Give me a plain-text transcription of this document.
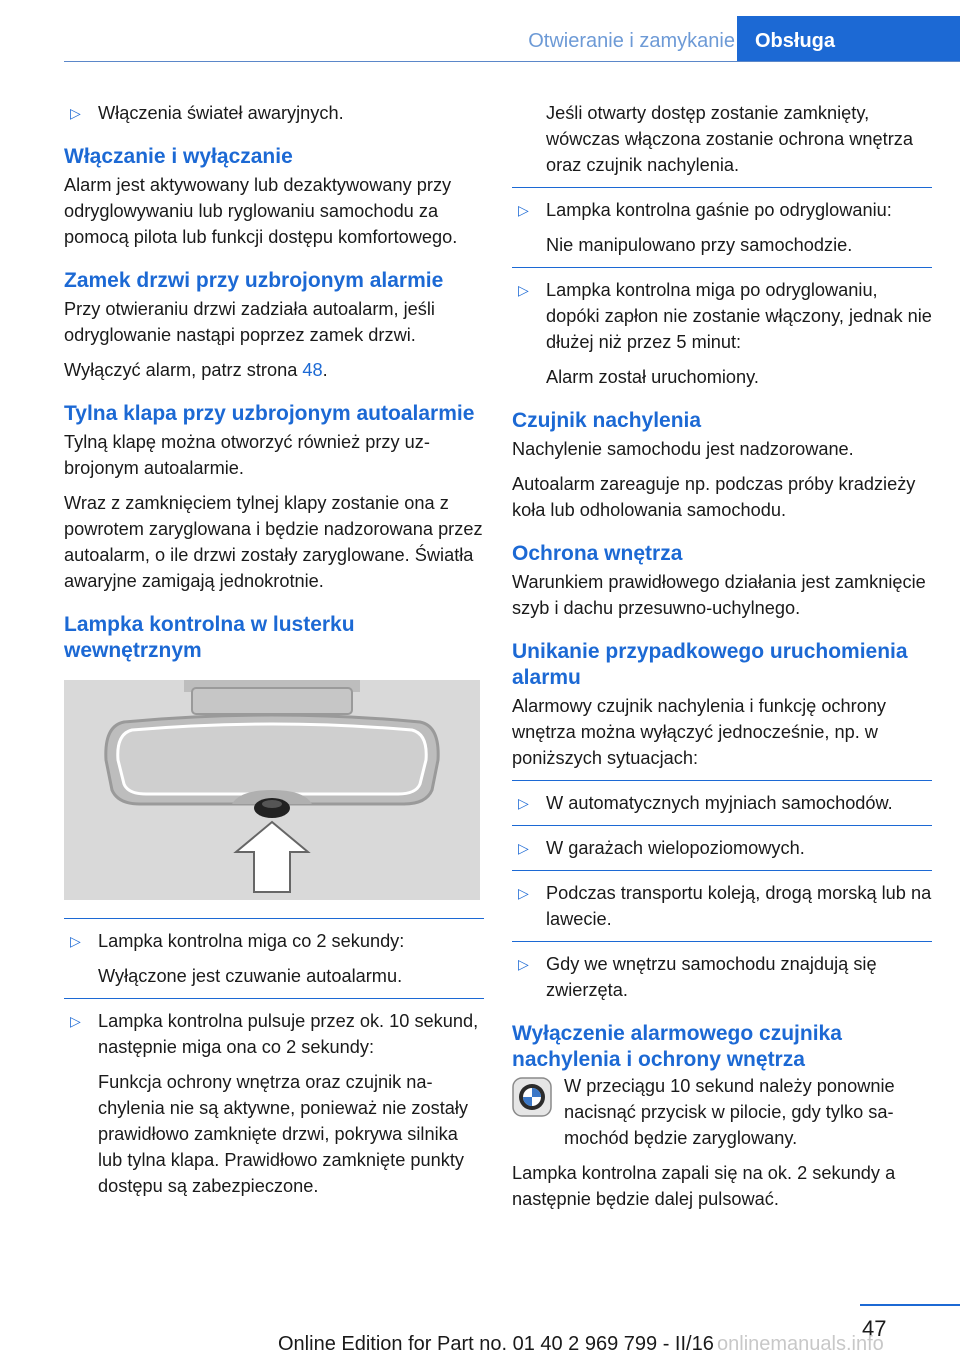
Otwieranie i zamykanie	Obsługa
▷ Włączenia świateł awaryjnych.
Włączanie i wyłączanie

Alarm jest aktywowany lub dezaktywowany przy odryglowywaniu lub ryglowaniu samochodu za pomocą pilota lub funkcji dostępu komfortowego.

Zamek drzwi przy uzbrojonym alarmie

Przy otwieraniu drzwi zadziała autoalarm, jeśli odryglowanie nastąpi poprzez zamek drzwi.

Wyłączyć alarm, patrz strona 48.

Tylna klapa przy uzbrojonym autoalarmie

Tylną klapę można otworzyć również przy uzbrojonym autoalarmie.

Wraz z zamknięciem tylnej klapy zostanie ona z powrotem zaryglowana i będzie nadzorowana przez autoalarm, o ile drzwi zostały zaryglowane. Światła awaryjne zamigają jednokrotnie.

Lampka kontrolna w lusterku wewnętrznym
▷ Lampka kontrolna miga co 2 sekundy:
Wyłączone jest czuwanie autoalarmu.
▷ Lampka kontrolna pulsuje przez ok. 10 sekund, następnie miga ona co 2 sekundy:
Funkcja ochrony wnętrza oraz czujnik nachylenia nie są aktywne, ponieważ nie zostały prawidłowo zamknięte drzwi, pokrywa silnika lub tylna klapa. Prawidłowo zamknięte punkty dostępu są zabezpieczone.
Jeśli otwarty dostęp zostanie zamknięty, wówczas włączona zostanie ochrona wnętrza oraz czujnik nachylenia.
▷ Lampka kontrolna gaśnie po odryglowaniu:
Nie manipulowano przy samochodzie.
▷ Lampka kontrolna miga po odryglowaniu, dopóki zapłon nie zostanie włączony, jednak nie dłużej niż przez 5 minut:
Alarm został uruchomiony.
Czujnik nachylenia

Nachylenie samochodu jest nadzorowane.

Autoalarm zareaguje np. podczas próby kradzieży koła lub odholowania samochodu.

Ochrona wnętrza

Warunkiem prawidłowego działania jest zamknięcie szyb i dachu przesuwno-uchylnego.

Unikanie przypadkowego uruchomienia alarmu

Alarmowy czujnik nachylenia i funkcję ochrony wnętrza można wyłączyć jednocześnie, np. w poniższych sytuacjach:

▷ W automatycznych myjniach samochodów.
▷ W garażach wielopoziomowych.
▷ Podczas transportu koleją, drogą morską lub na lawecie.
▷ Gdy we wnętrzu samochodu znajdują się zwierzęta.
Wyłączenie alarmowego czujnika nachylenia i ochrony wnętrza

W przeciągu 10 sekund należy ponownie nacisnąć przycisk w pilocie, gdy tylko samochód będzie zaryglowany.

Lampka kontrolna zapali się na ok. 2 sekundy a następnie będzie dalej pulsować.

47
Online Edition for Part no. 01 40 2 969 799 - II/16 onlinemanuals.info
